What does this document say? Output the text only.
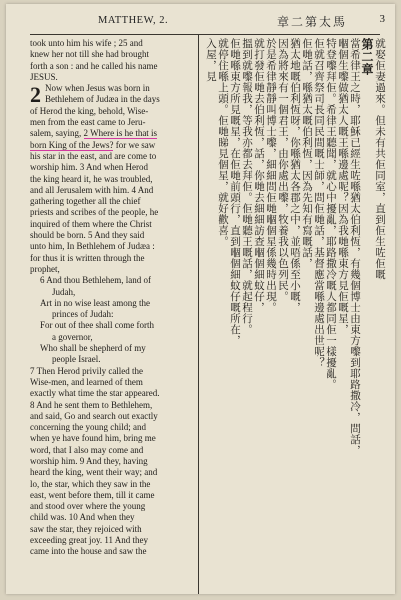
MATTHEW, 2.	章二第太馬	3

took unto him his wife ; 25 and
knew her not till she had brought
forth a son : and he called his name
JESUS.

2 Now when Jesus was born in
Bethlehem of Judæa in the days
of Herod the king, behold, Wise-
men from the east came to Jeru-
salem, saying, 2 Where is he that is
born King of the Jews? for we saw
his star in the east, and are come to
worship him. 3 And when Herod
the king heard it, he was troubled,
and all Jerusalem with him. 4 And
gathering together all the chief
priests and scribes of the people, he
inquired of them where the Christ
should be born. 5 And they said
unto him, In Bethlehem of Judæa :
for thus it is written through the
prophet,

6 And thou Bethlehem, land of
Judah,
Art in no wise least among the
princes of Judah:
For out of thee shall come forth
a governor,
Who shall be shepherd of my
people Israel.

7 Then Herod privily called the
Wise-men, and learned of them
exactly what time the star appeared.
8 And he sent them to Bethlehem,
and said, Go and search out exactly
concerning the young child; and
when ye have found him, bring me
word, that I also may come and
worship him. 9 And they, having
heard the king, went their way; and
lo, the star, which they saw in the
east, went before them, till it came
and stood over where the young
child was. 10 And when they
saw the star, they rejoiced with
exceeding great joy. 11 And they
came into the house and saw the

就娶佢妻過來。但未有共佢同室，直到佢生咗佢嘅
第二章
當希律王之時，耶穌已經生咗喺猶太伯利恆，有幾個博士由東方嚟到耶路撒冷，問話，
嗰個生嚟做猶太人嘅王喺邊處呢？因為我哋喺東方見佢嘅星，
特登嚟拜佢。希律王聽聞，就心中擾亂，耶路撒冷嘅人都同佢一樣擾亂。
佢就召齊祭司長同民間嘅士師，問佢哋話，基督應當喺邊處出世呢？
佢哋話，喺猶太嘅伯利恆，因為先知有寫嘅話，
猶太地嘅伯利恆呀，你喺猶太各郡之中，並唔係至小嘅，
因為將來有一個君王，由你處出嚟，牧養我以色列民。
於是希律靜靜叫博士嚟，細細問佢哋嗰個星係幾時出現。
就打發佢哋去伯利恆，話，你哋去細細訪查嗰個細蚊仔，
搵到就嚟報我，等我亦都去拜佢。佢哋聽王嘅話，就起程行。
佢哋喺東方所見嘅星，在佢哋前頭行，直到嗰個細蚊仔嘅所在，
就停住喺上頭。佢哋睇見個星，就好歡喜。
入屋，見
